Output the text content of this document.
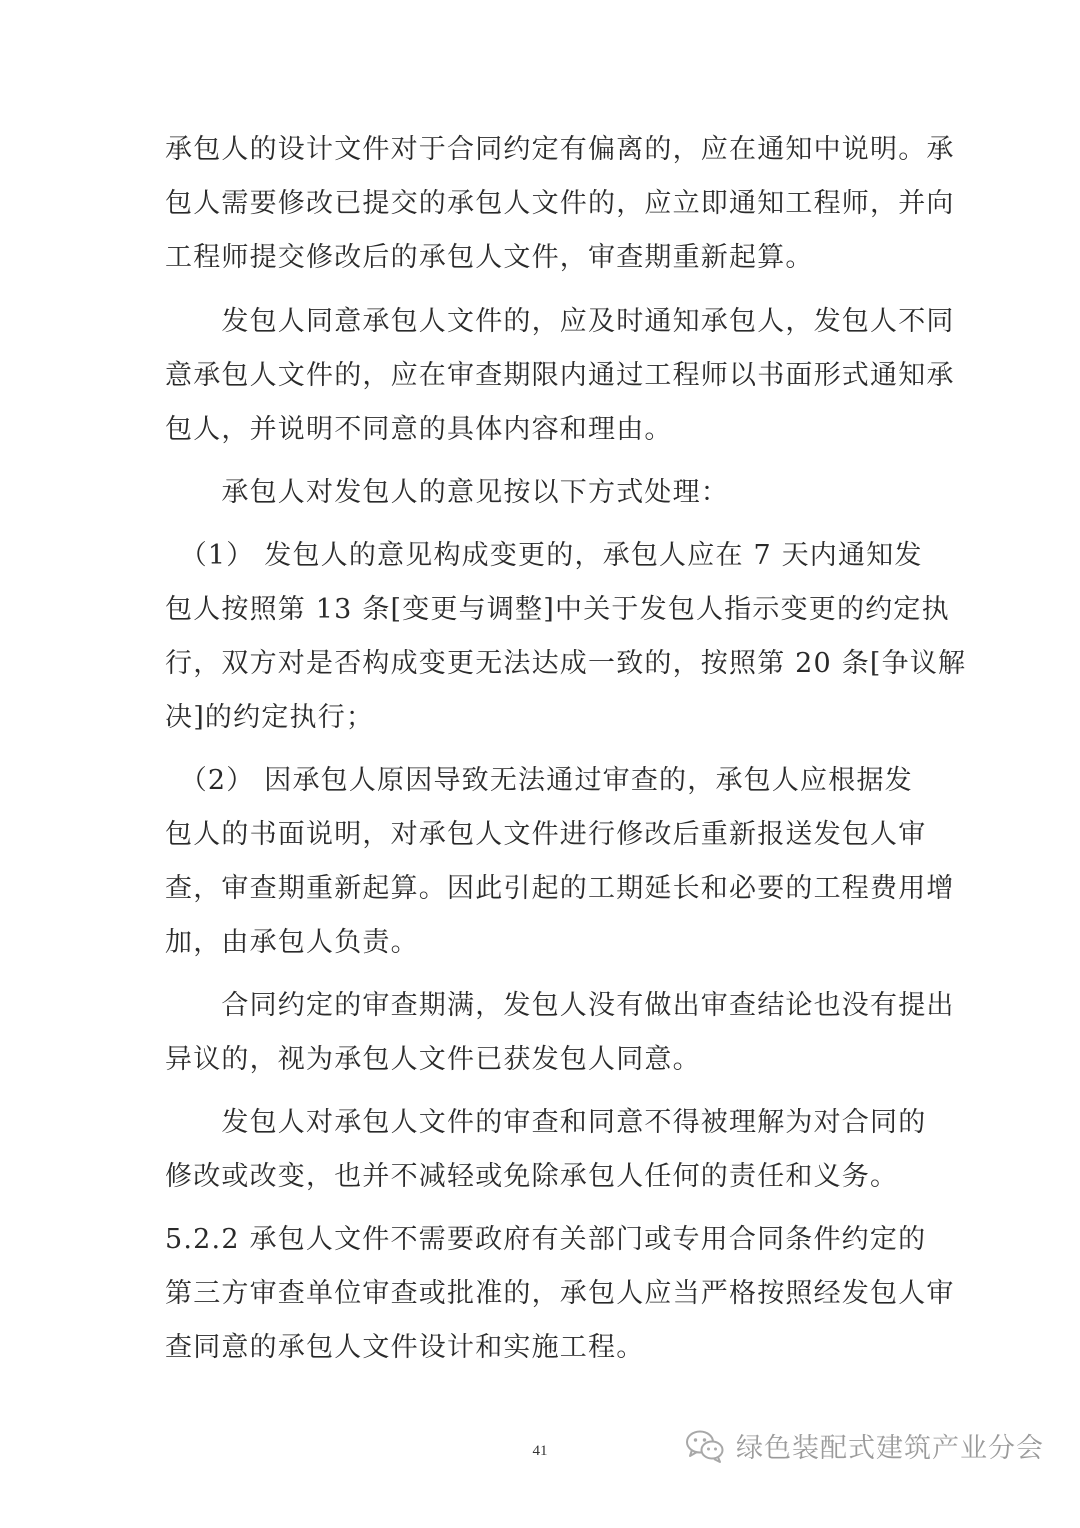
承包人的设计文件对于合同约定有偏离的，应在通知中说明。承
包人需要修改已提交的承包人文件的，应立即通知工程师，并向
工程师提交修改后的承包人文件，审查期重新起算。
　　发包人同意承包人文件的，应及时通知承包人，发包人不同
意承包人文件的，应在审查期限内通过工程师以书面形式通知承
包人，并说明不同意的具体内容和理由。
　　承包人对发包人的意见按以下方式处理：
　（1） 发包人的意见构成变更的，承包人应在 7 天内通知发
包人按照第 13 条[变更与调整]中关于发包人指示变更的约定执
行，双方对是否构成变更无法达成一致的，按照第 20 条[争议解
决]的约定执行；
　（2） 因承包人原因导致无法通过审查的，承包人应根据发
包人的书面说明，对承包人文件进行修改后重新报送发包人审
查，审查期重新起算。因此引起的工期延长和必要的工程费用增
加，由承包人负责。
　　合同约定的审查期满，发包人没有做出审查结论也没有提出
异议的，视为承包人文件已获发包人同意。
　　发包人对承包人文件的审查和同意不得被理解为对合同的
修改或改变，也并不减轻或免除承包人任何的责任和义务。
5.2.2 承包人文件不需要政府有关部门或专用合同条件约定的
第三方审查单位审查或批准的，承包人应当严格按照经发包人审
查同意的承包人文件设计和实施工程。
41	绿色装配式建筑产业分会
